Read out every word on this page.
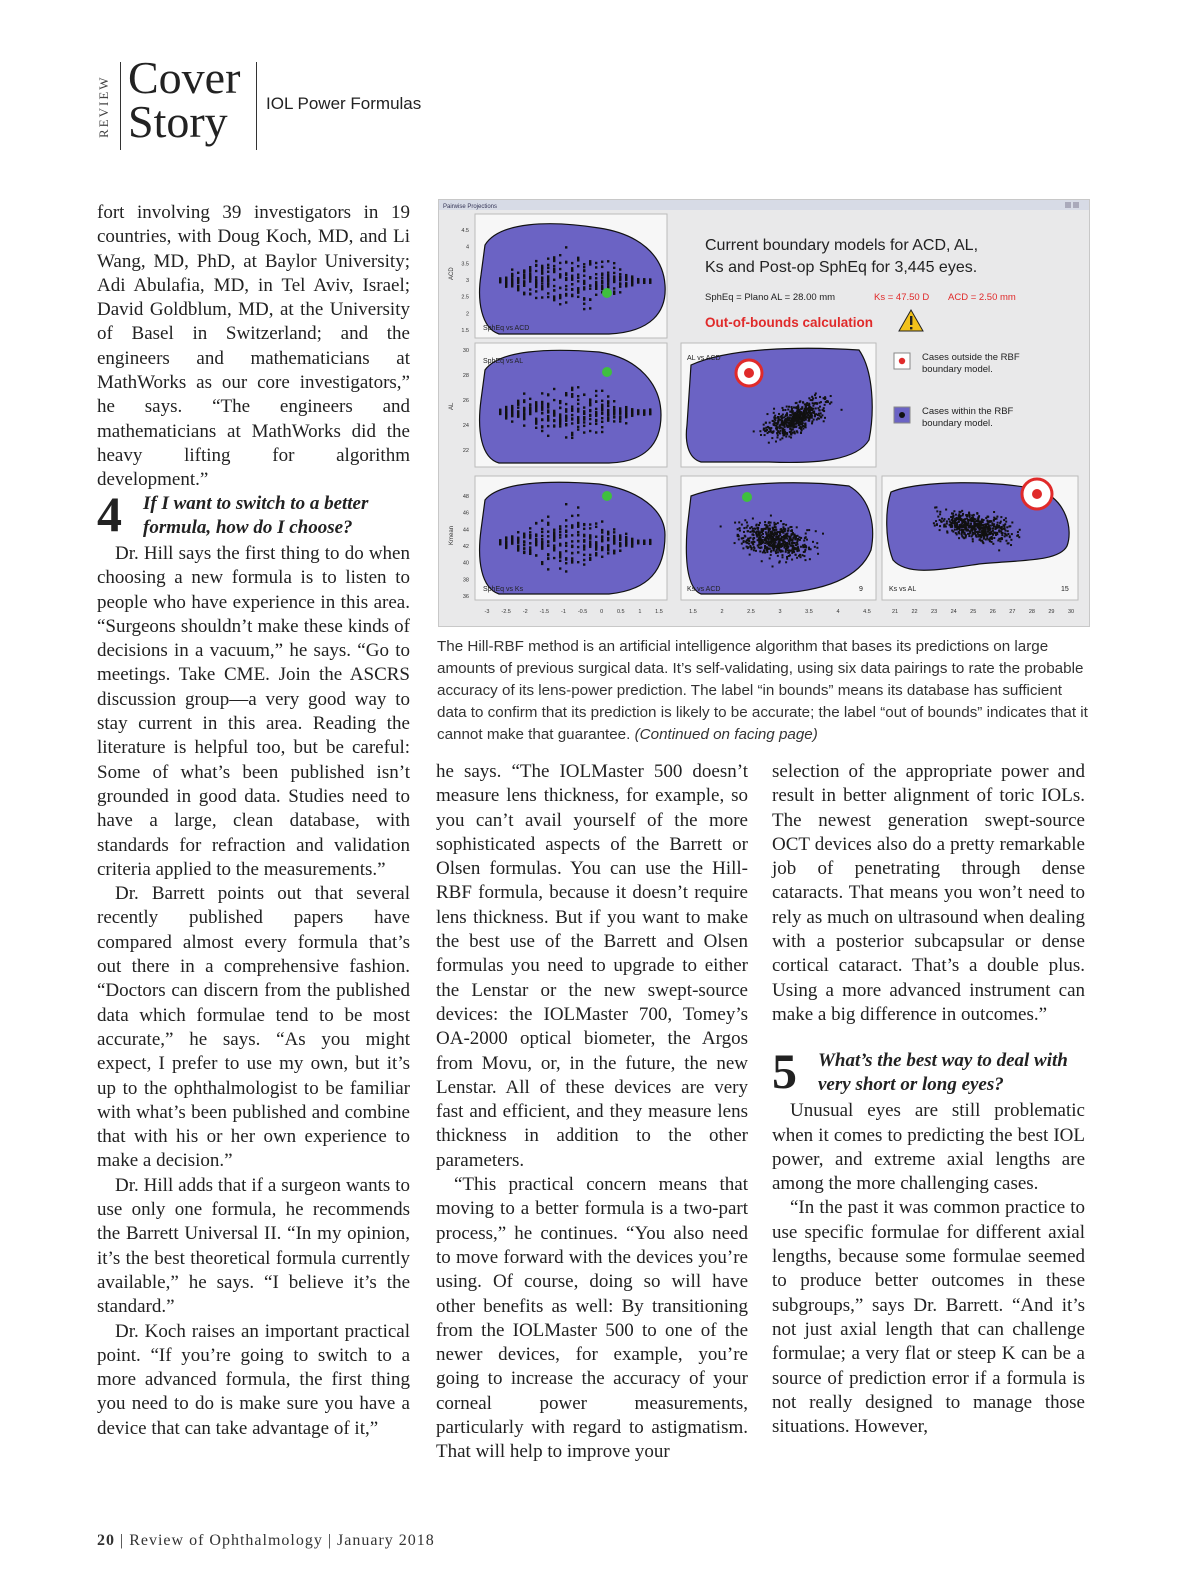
REVIEW Cover
Story	IOL Power Formulas

fort involving 39 investigators in 19 countries, with Doug Koch, MD, and Li Wang, MD, PhD, at Baylor University; Adi Abulafia, MD, in Tel Aviv, Israel; David Goldblum, MD, at the University of Basel in Switzerland; and the engineers and mathematicians at MathWorks as our core investigators,” he says. “The engineers and mathematicians at MathWorks did the heavy lifting for algorithm development.”

4 If I want to switch to a better formula, how do I choose?

Dr. Hill says the first thing to do when choosing a new formula is to listen to people who have experience in this area. “Surgeons shouldn’t make these kinds of decisions in a vacuum,” he says. “Go to meetings. Take CME. Join the ASCRS discussion group—a very good way to stay current in this area. Reading the literature is helpful too, but be careful: Some of what’s been published isn’t grounded in good data. Studies need to have a large, clean database, with standards for refraction and validation criteria applied to the measurements.”

Dr. Barrett points out that several recently published papers have compared almost every formula that’s out there in a comprehensive fashion. “Doctors can discern from the published data which formulae tend to be most accurate,” he says. “As you might expect, I prefer to use my own, but it’s up to the ophthalmologist to be familiar with what’s been published and combine that with his or her own experience to make a decision.”

Dr. Hill adds that if a surgeon wants to use only one formula, he recommends the Barrett Universal II. “In my opinion, it’s the best theoretical formula currently available,” he says. “I believe it’s the standard.”

Dr. Koch raises an important practical point. “If you’re going to switch to a more advanced formula, the first thing you need to do is make sure you have a device that can take advantage of it,”

Pairwise Projections
SphEq vs ACD
SphEq vs AL	AL vs ACD
SphEq vs Ks	Ks vs ACD	Ks vs AL
9	15
ACD
AL
Kmean
4.5
4
3.5
3
2.5
2
1.5
30
28
26
24
22
48
46
44
42
40
38
36
-3 -2.5 -2 -1.5 -1 -0.5 0	0.5	1	1.5	1.5	2	2.5	3	3.5	4	4.5	21 22 23 24 25 26 27 28 29 30
Current boundary models for ACD, AL,
Ks and Post-op SphEq for 3,445 eyes.
SphEq = Plano AL = 28.00 mm	Ks = 47.50 D ACD = 2.50 mm
Out-of-bounds calculation
Cases outside the RBF
boundary model.
Cases within the RBF
boundary model.
The Hill-RBF method is an artificial intelligence algorithm that bases its predictions on large amounts of previous surgical data. It’s self-validating, using six data pairings to rate the probable accuracy of its lens-power prediction. The label “in bounds” means its database has sufficient data to confirm that its prediction is likely to be accurate; the label “out of bounds” indicates that it cannot make that guarantee. (Continued on facing page)

he says. “The IOLMaster 500 doesn’t measure lens thickness, for example, so you can’t avail yourself of the more sophisticated aspects of the Barrett or Olsen formulas. You can use the Hill-RBF formula, because it doesn’t require lens thickness. But if you want to make the best use of the Barrett and Olsen formulas you need to upgrade to either the Lenstar or the new swept-source devices: the IOLMaster 700, Tomey’s OA-2000 optical biometer, the Argos from Movu, or, in the future, the new Lenstar. All of these devices are very fast and efficient, and they measure lens thickness in addition to the other parameters.

“This practical concern means that moving to a better formula is a two-part process,” he continues. “You also need to move forward with the devices you’re using. Of course, doing so will have other benefits as well: By transitioning from the IOLMaster 500 to one of the newer devices, for example, you’re going to increase the accuracy of your corneal power measurements, particularly with regard to astigmatism. That will help to improve your

selection of the appropriate power and result in better alignment of toric IOLs. The newest generation swept-source OCT devices also do a pretty remarkable job of penetrating through dense cataracts. That means you won’t need to rely as much on ultrasound when dealing with a posterior subcapsular or dense cortical cataract. That’s a double plus. Using a more advanced instrument can make a big difference in outcomes.”

5 What’s the best way to deal with very short or long eyes?

Unusual eyes are still problematic when it comes to predicting the best IOL power, and extreme axial lengths are among the more challenging cases.

“In the past it was common practice to use specific formulae for different axial lengths, because some formulae seemed to produce better outcomes in these subgroups,” says Dr. Barrett. “And it’s not just axial length that can challenge formulae; a very flat or steep K can be a source of prediction error if a formula is not really designed to manage those situations. However,

20 | Review of Ophthalmology | January 2018
